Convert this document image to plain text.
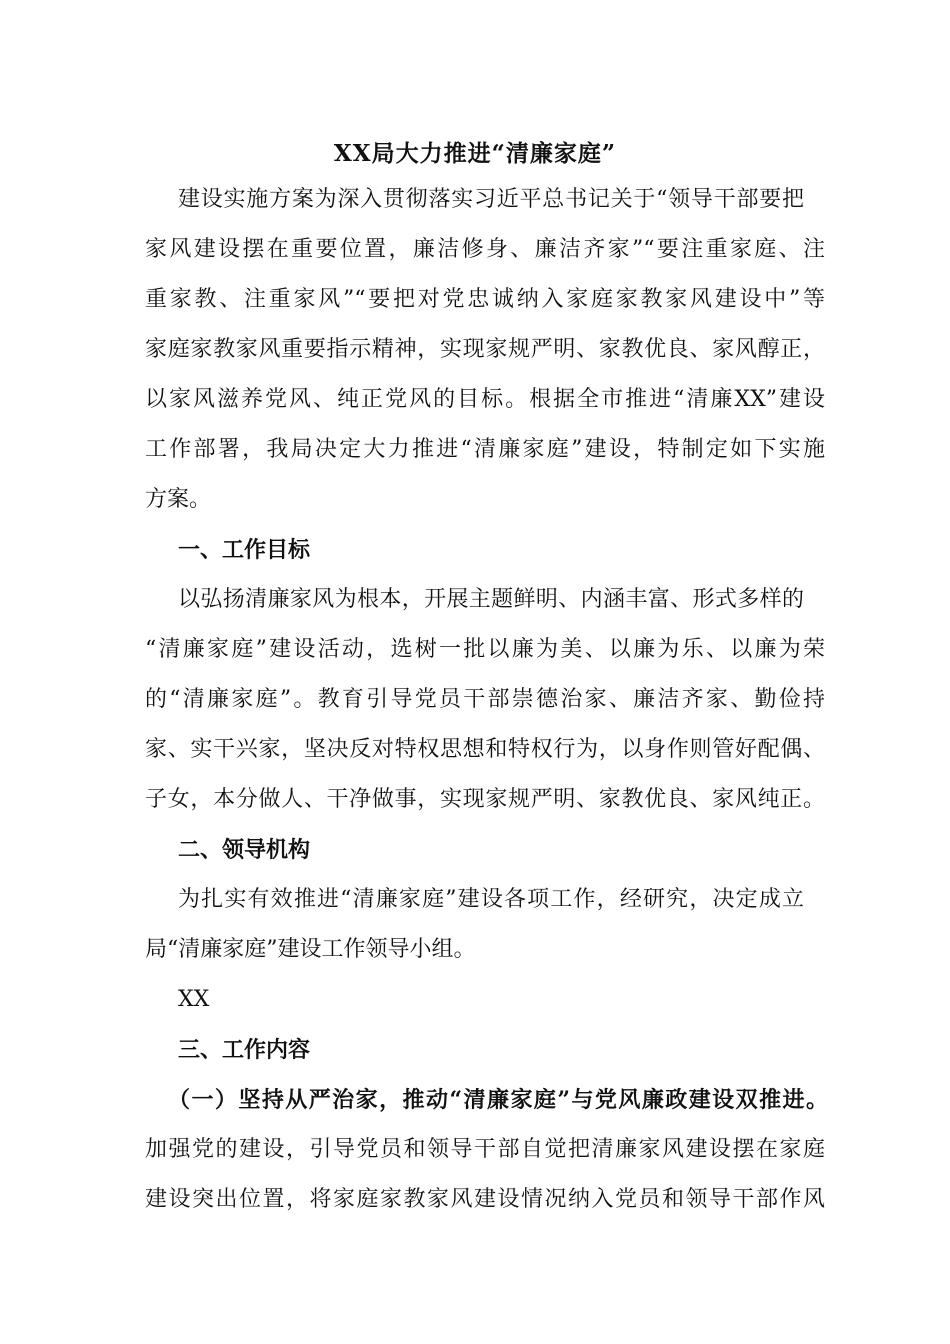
XX局大力推进“清廉家庭”
建设实施方案为深入贯彻落实习近平总书记关于“领导干部要把
家风建设摆在重要位置，廉洁修身、廉洁齐家”“要注重家庭、注
重家教、注重家风”“要把对党忠诚纳入家庭家教家风建设中”等
家庭家教家风重要指示精神，实现家规严明、家教优良、家风醇正，
以家风滋养党风、纯正党风的目标。根据全市推进“清廉XX”建设
工作部署，我局决定大力推进“清廉家庭”建设，特制定如下实施
方案。
一、工作目标
以弘扬清廉家风为根本，开展主题鲜明、内涵丰富、形式多样的
“清廉家庭”建设活动，选树一批以廉为美、以廉为乐、以廉为荣
的“清廉家庭”。教育引导党员干部崇德治家、廉洁齐家、勤俭持
家、实干兴家，坚决反对特权思想和特权行为，以身作则管好配偶、
子女，本分做人、干净做事，实现家规严明、家教优良、家风纯正。
二、领导机构
为扎实有效推进“清廉家庭”建设各项工作，经研究，决定成立
局“清廉家庭”建设工作领导小组。
XX
三、工作内容
（一）坚持从严治家，推动“清廉家庭”与党风廉政建设双推进。
加强党的建设，引导党员和领导干部自觉把清廉家风建设摆在家庭
建设突出位置，将家庭家教家风建设情况纳入党员和领导干部作风
